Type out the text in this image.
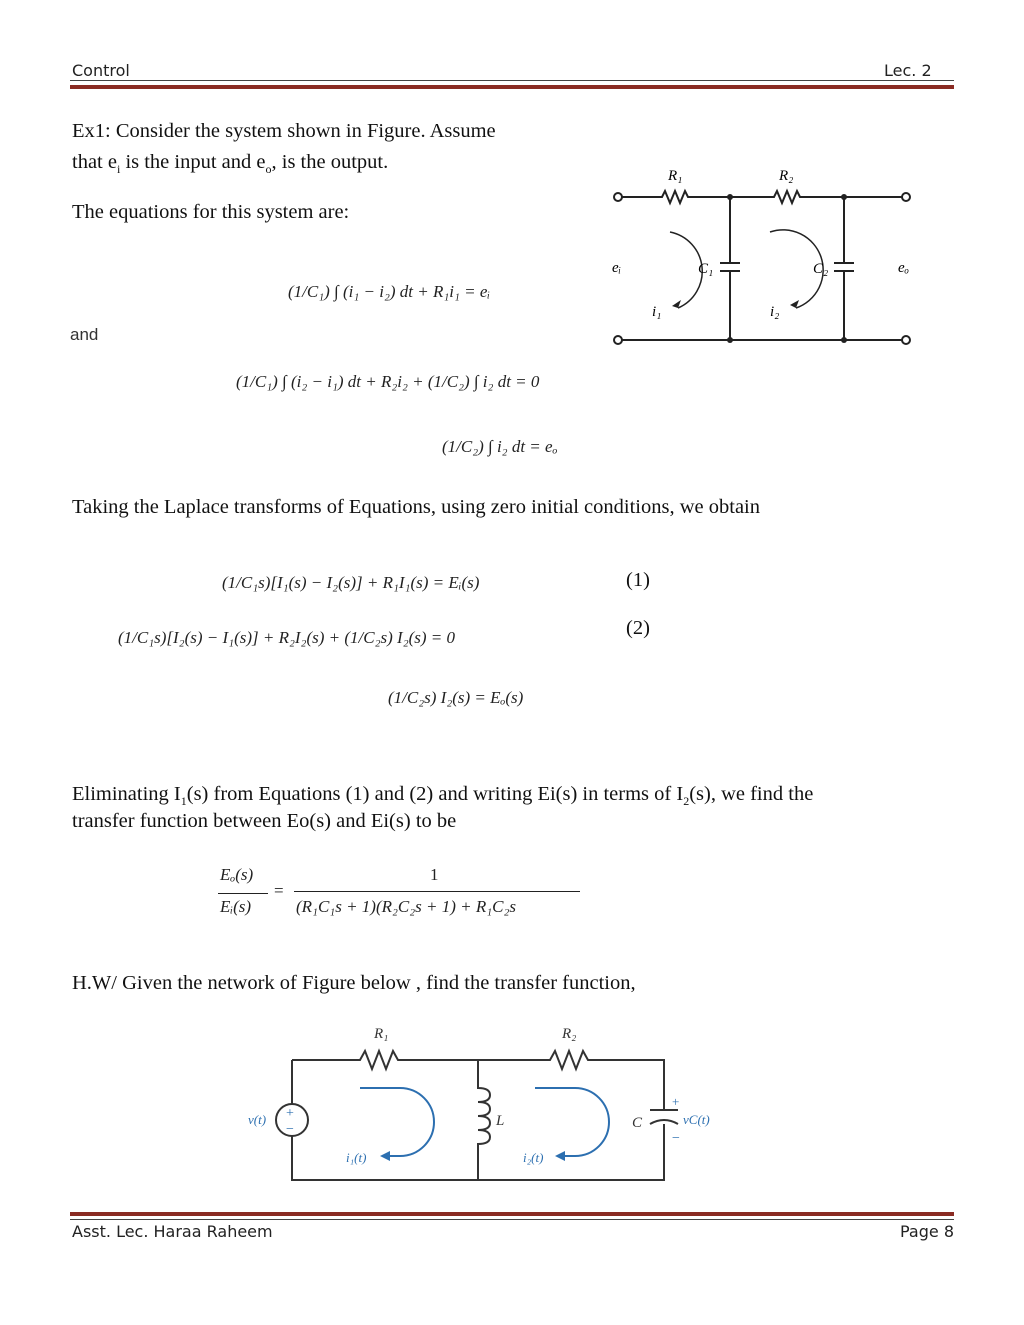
Control	Lec. 2
Ex1: Consider the system shown in Figure. Assume
that $e_i$ is the input and $e_o$, is the output.
The equations for this system are:
and
R₁	R₂
C₁	C₂
eᵢ	eₒ
i₁	i₂
(1/C₁) ∫ (i₁ − i₂) dt + R₁i₁ = eᵢ
(1/C₁) ∫ (i₂ − i₁) dt + R₂i₂ + (1/C₂) ∫ i₂ dt = 0
(1/C₂) ∫ i₂ dt = eₒ
Taking the Laplace transforms of Equations, using zero initial conditions, we obtain
(1/C₁s)[I₁(s) − I₂(s)] + R₁I₁(s) = Eᵢ(s)
(1/C₁s)[I₂(s) − I₁(s)] + R₂I₂(s) + (1/C₂s) I₂(s) = 0
(1/C₂s) I₂(s) = Eₒ(s)
(1)
(2)
Eliminating $I_1(s)$ from Equations (1) and (2) and writing Ei(s) in terms of $I_2(s)$, we find the
transfer function between Eo(s) and Ei(s) to be
Eₒ(s)
Eᵢ(s)
=
1
(R₁C₁s + 1)(R₂C₂s + 1) + R₁C₂s
H.W/ Given the network of Figure below , find the transfer function,
+
−
+
−
R₁	R₂
L	C
v(t)	vC(t)
i₁(t)	i₂(t)
Asst. Lec. Haraa Raheem	Page 8
